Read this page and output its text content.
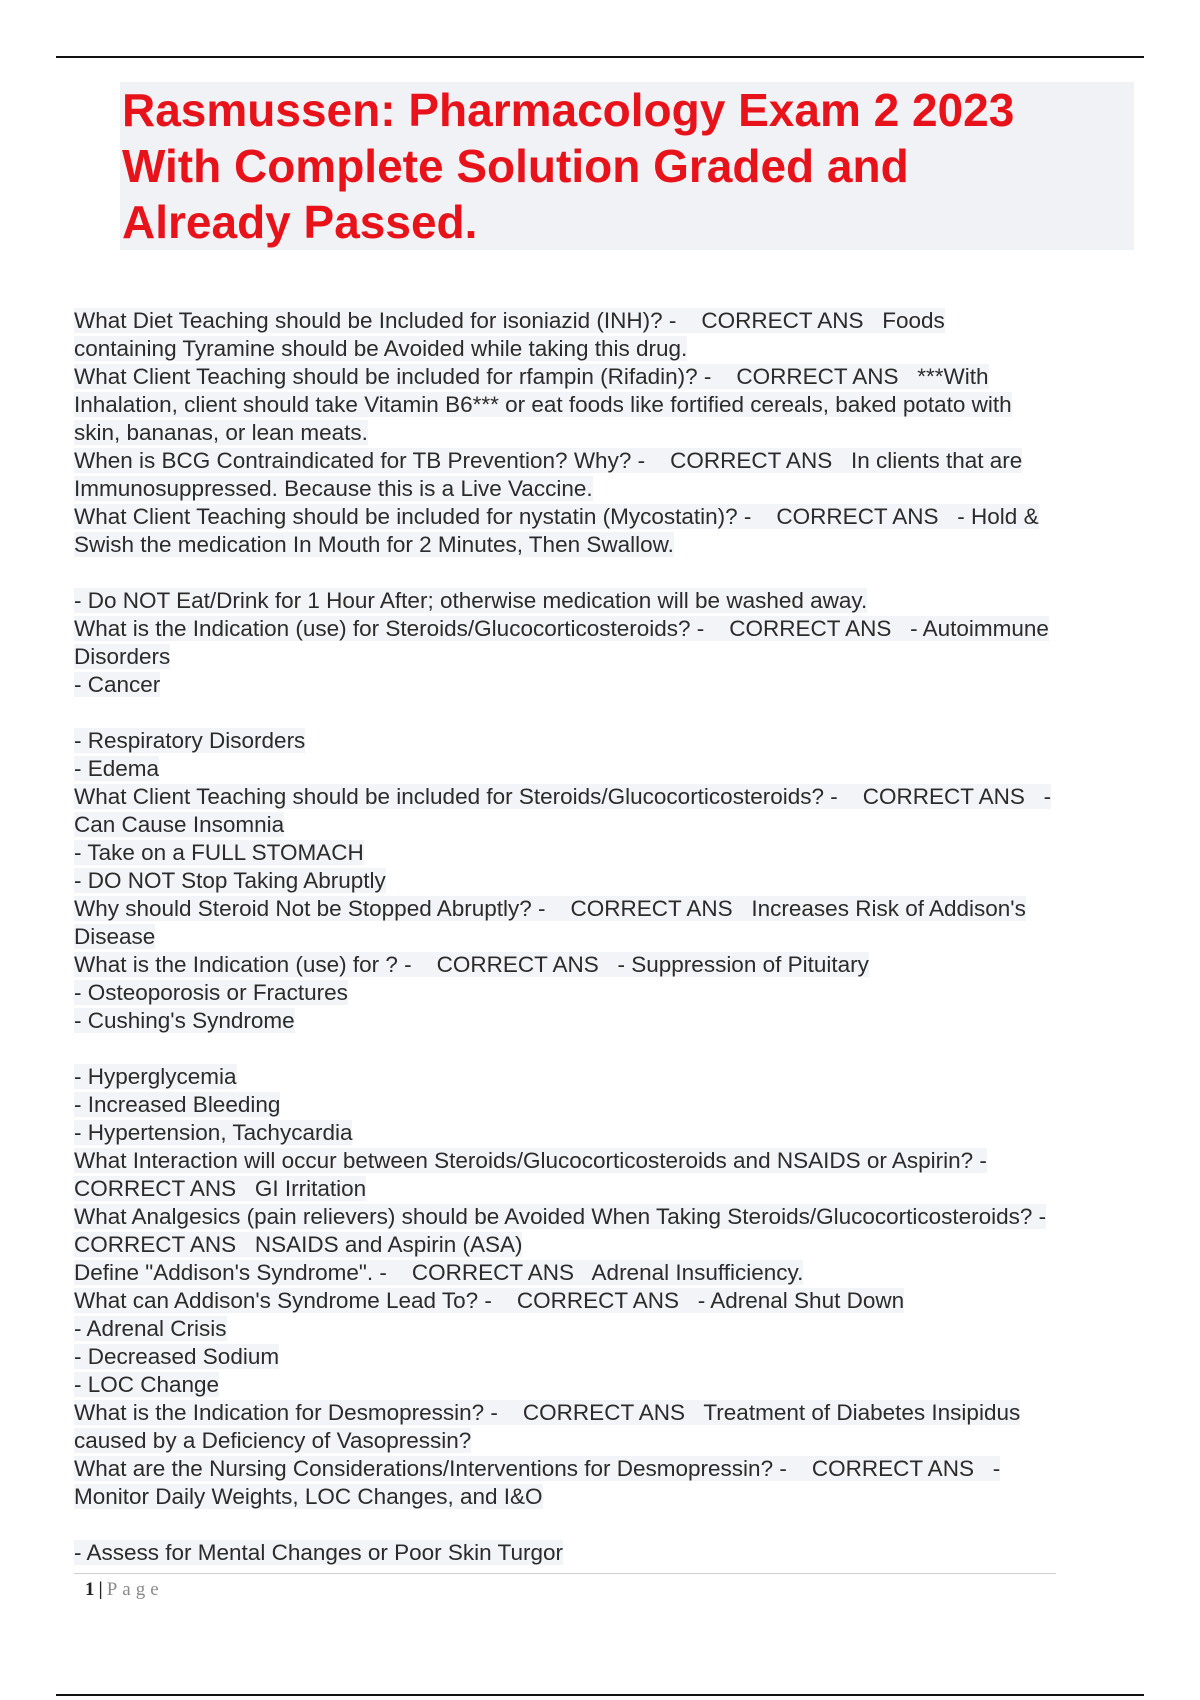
Rasmussen: Pharmacology Exam 2 2023
With Complete Solution Graded and
Already Passed.
What Diet Teaching should be Included for isoniazid (INH)? -    CORRECT ANS   Foods
containing Tyramine should be Avoided while taking this drug.
What Client Teaching should be included for rfampin (Rifadin)? -    CORRECT ANS   ***With
Inhalation, client should take Vitamin B6*** or eat foods like fortified cereals, baked potato with
skin, bananas, or lean meats.
When is BCG Contraindicated for TB Prevention? Why? -    CORRECT ANS   In clients that are
Immunosuppressed. Because this is a Live Vaccine.
What Client Teaching should be included for nystatin (Mycostatin)? -    CORRECT ANS   - Hold &
Swish the medication In Mouth for 2 Minutes, Then Swallow.
- Do NOT Eat/Drink for 1 Hour After; otherwise medication will be washed away.
What is the Indication (use) for Steroids/Glucocorticosteroids? -    CORRECT ANS   - Autoimmune
Disorders
- Cancer
- Respiratory Disorders
- Edema
What Client Teaching should be included for Steroids/Glucocorticosteroids? -    CORRECT ANS   -
Can Cause Insomnia
- Take on a FULL STOMACH
- DO NOT Stop Taking Abruptly
Why should Steroid Not be Stopped Abruptly? -    CORRECT ANS   Increases Risk of Addison's
Disease
What is the Indication (use) for ? -    CORRECT ANS   - Suppression of Pituitary
- Osteoporosis or Fractures
- Cushing's Syndrome
- Hyperglycemia
- Increased Bleeding
- Hypertension, Tachycardia
What Interaction will occur between Steroids/Glucocorticosteroids and NSAIDS or Aspirin? -
CORRECT ANS   GI Irritation
What Analgesics (pain relievers) should be Avoided When Taking Steroids/Glucocorticosteroids? -
CORRECT ANS   NSAIDS and Aspirin (ASA)
Define "Addison's Syndrome". -    CORRECT ANS   Adrenal Insufficiency.
What can Addison's Syndrome Lead To? -    CORRECT ANS   - Adrenal Shut Down
- Adrenal Crisis
- Decreased Sodium
- LOC Change
What is the Indication for Desmopressin? -    CORRECT ANS   Treatment of Diabetes Insipidus
caused by a Deficiency of Vasopressin?
What are the Nursing Considerations/Interventions for Desmopressin? -    CORRECT ANS   -
Monitor Daily Weights, LOC Changes, and I&O
- Assess for Mental Changes or Poor Skin Turgor
1 | Page
